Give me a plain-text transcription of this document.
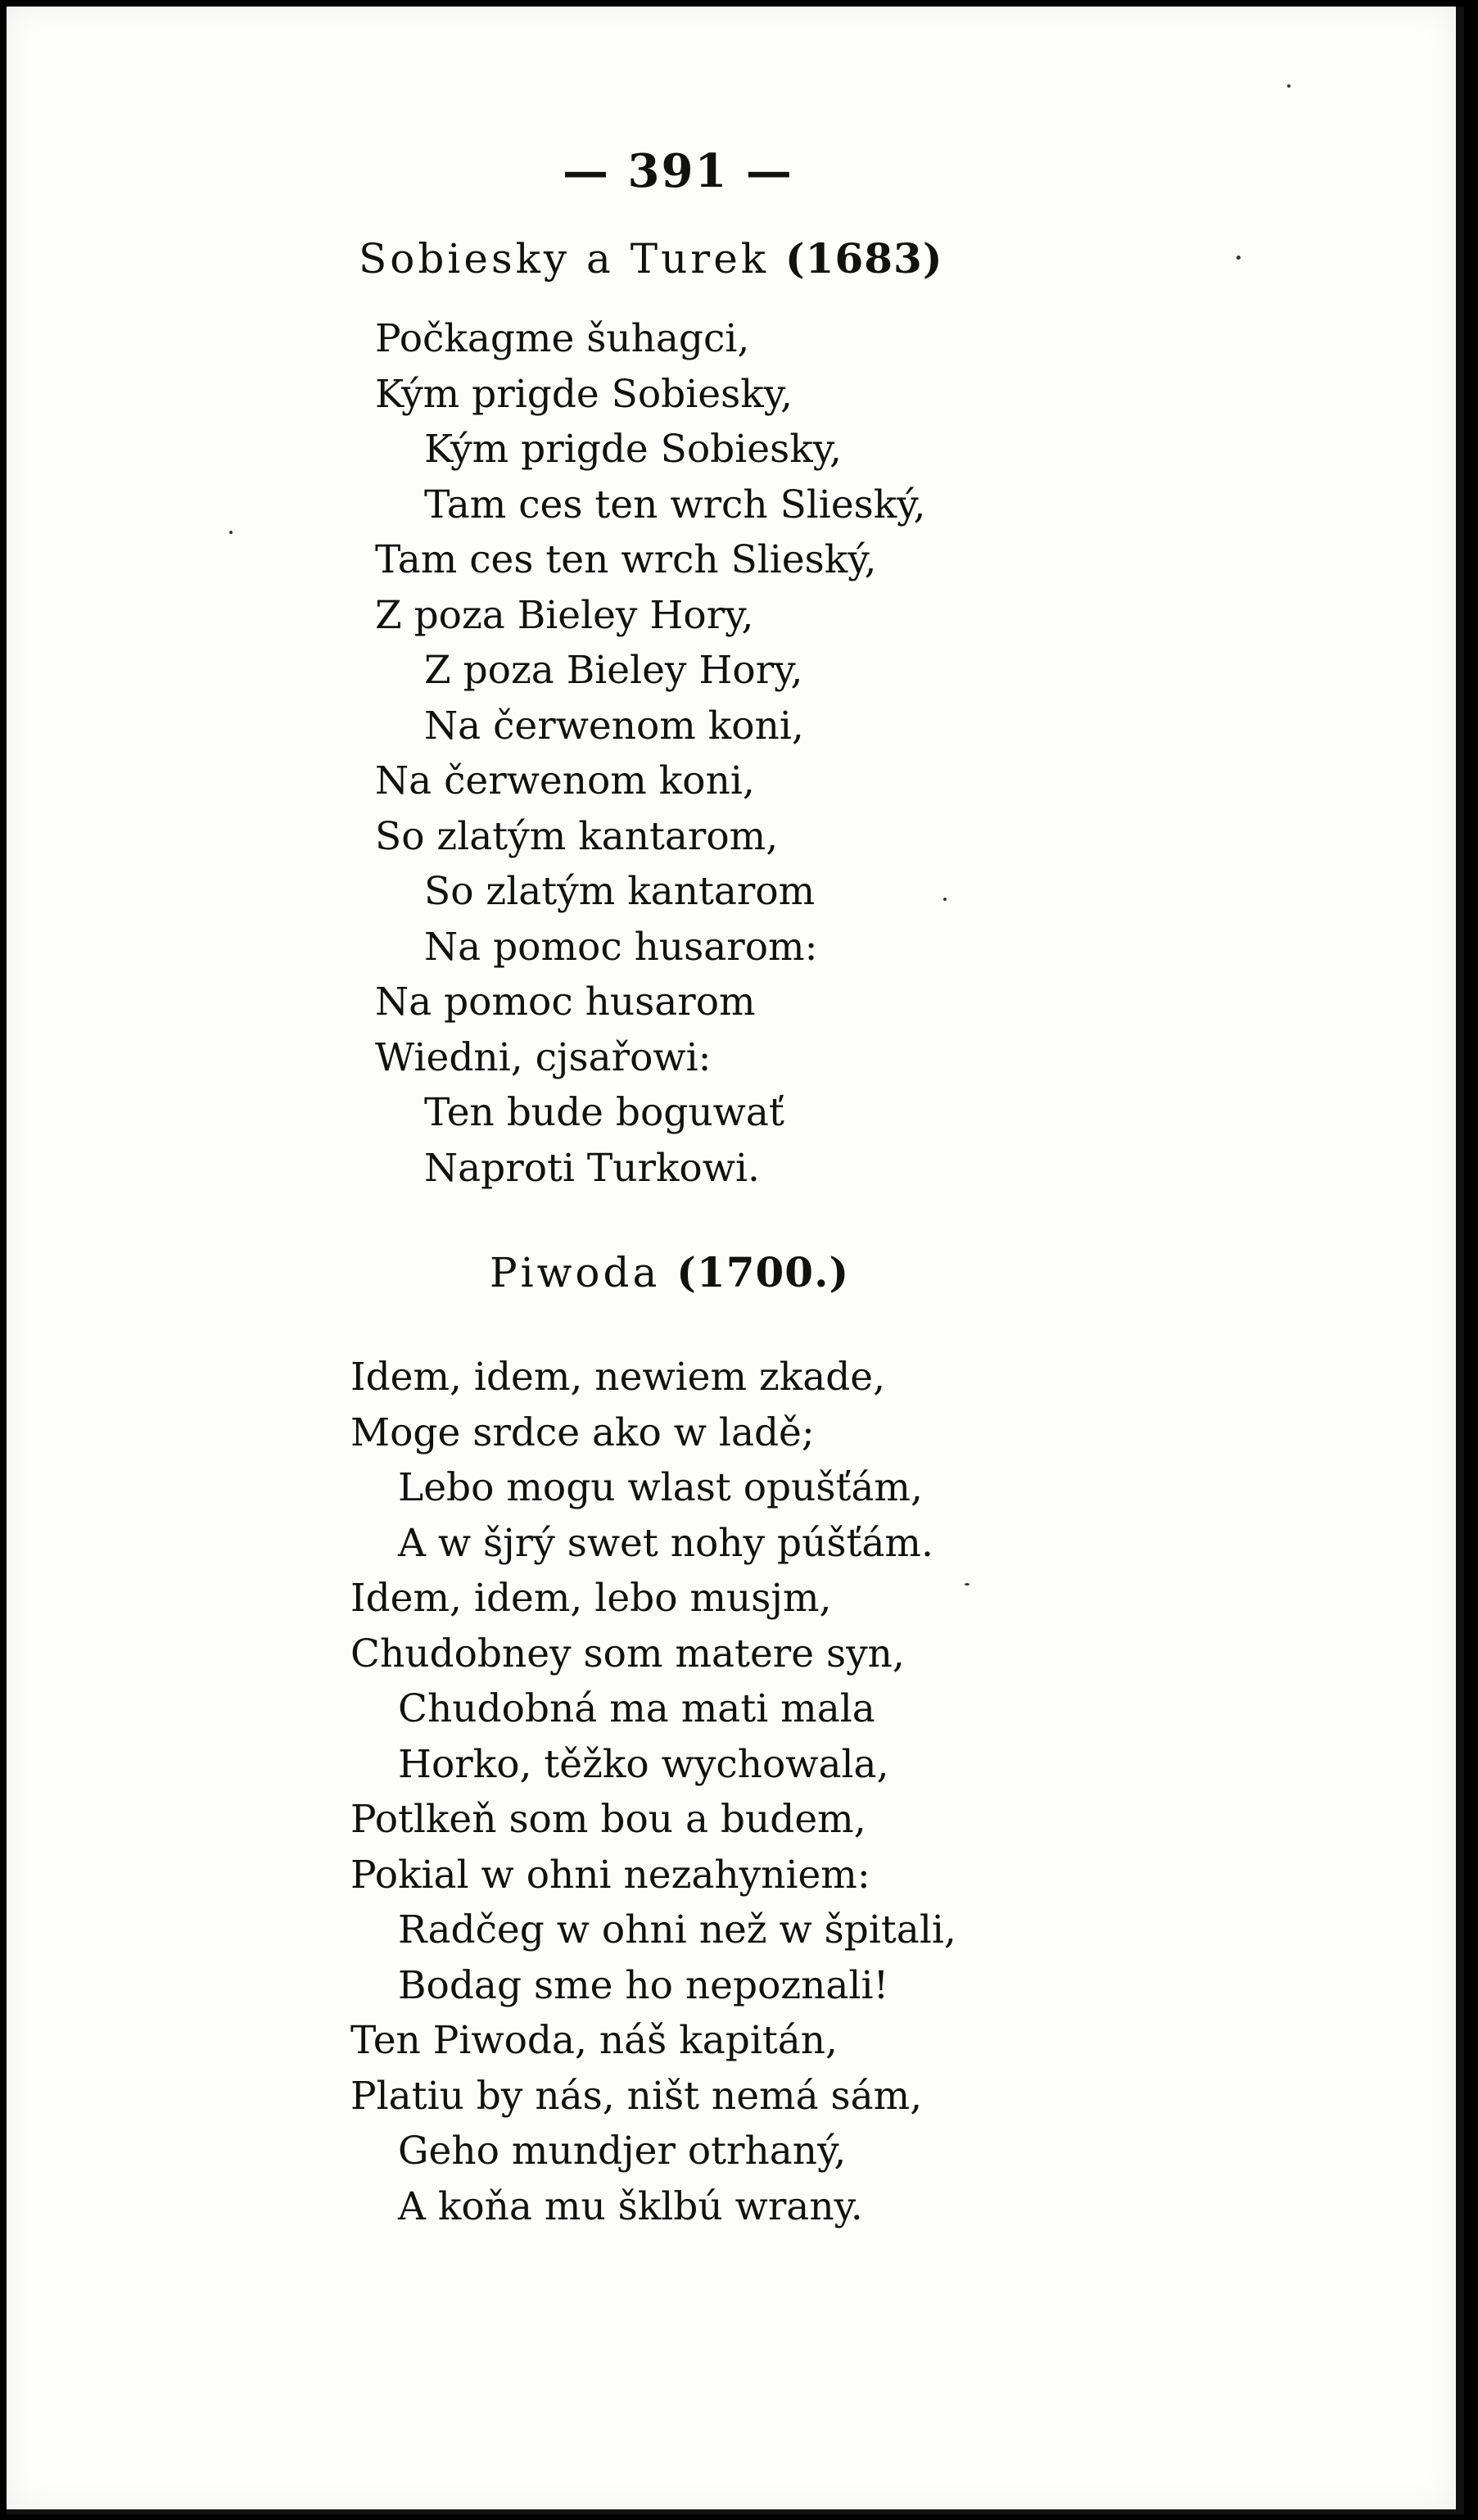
— 391 —
Sobiesky a Turek (1683)
Počkagme šuhagci,
Kým prigde Sobiesky,
Kým prigde Sobiesky,
Tam ces ten wrch Slieský,
Tam ces ten wrch Slieský,
Z poza Bieley Hory,
Z poza Bieley Hory,
Na čerwenom koni,
Na čerwenom koni,
So zlatým kantarom,
So zlatým kantarom
Na pomoc husarom:
Na pomoc husarom
Wiedni, cjsařowi:
Ten bude boguwať
Naproti Turkowi.
Piwoda (1700.)
Idem, idem, newiem zkade,
Moge srdce ako w ladě;
Lebo mogu wlast opušťám,
A w šjrý swet nohy púšťám.
Idem, idem, lebo musjm,
Chudobney som matere syn,
Chudobná ma mati mala
Horko, těžko wychowala,
Potlkeň som bou a budem,
Pokial w ohni nezahyniem:
Radčeg w ohni než w špitali,
Bodag sme ho nepoznali!
Ten Piwoda, náš kapitán,
Platiu by nás, ništ nemá sám,
Geho mundjer otrhaný,
A koňa mu šklbú wrany.
